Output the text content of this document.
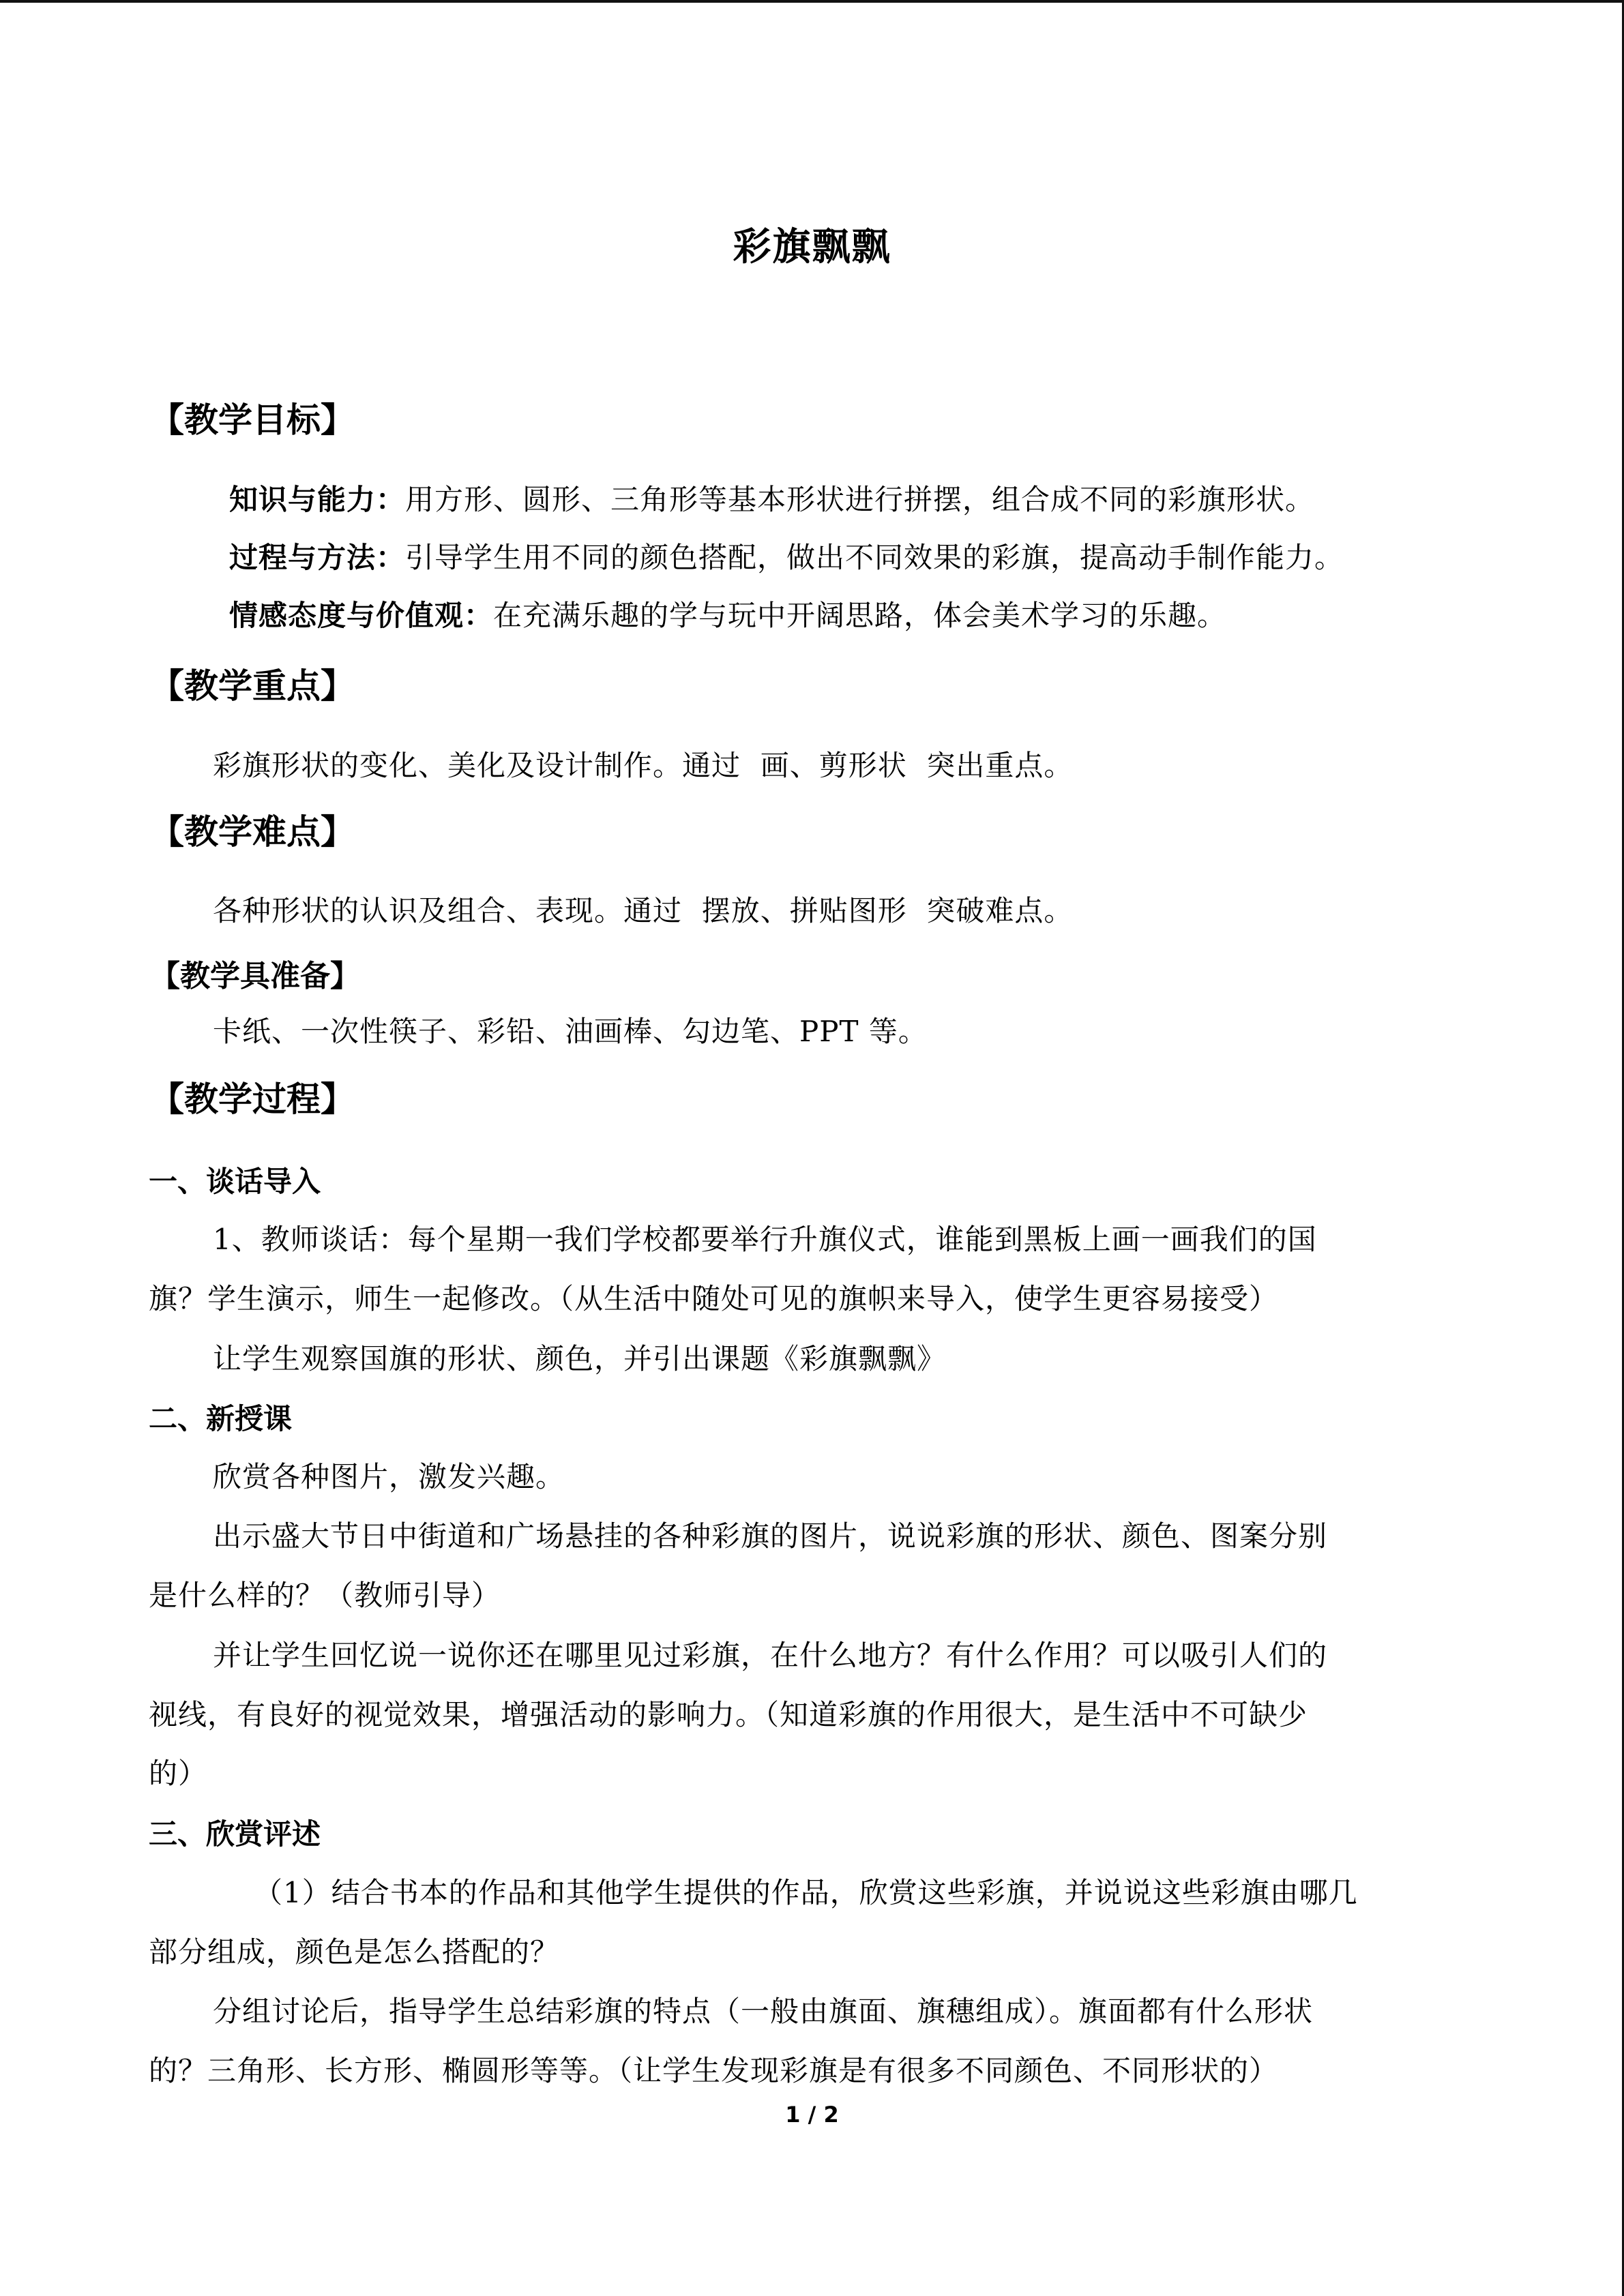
彩旗飘飘
【教学目标】
知识与能力：用方形、圆形、三角形等基本形状进行拼摆，组合成不同的彩旗形状。
过程与方法：引导学生用不同的颜色搭配，做出不同效果的彩旗，提高动手制作能力。
情感态度与价值观：在充满乐趣的学与玩中开阔思路，体会美术学习的乐趣。
【教学重点】
彩旗形状的变化、美化及设计制作。通过  画、剪形状  突出重点。
【教学难点】
各种形状的认识及组合、表现。通过  摆放、拼贴图形  突破难点。
【教学具准备】
卡纸、一次性筷子、彩铅、油画棒、勾边笔、PPT 等。
【教学过程】
一、谈话导入
1、教师谈话：每个星期一我们学校都要举行升旗仪式，谁能到黑板上画一画我们的国
旗？学生演示，师生一起修改。（从生活中随处可见的旗帜来导入，使学生更容易接受）
让学生观察国旗的形状、颜色，并引出课题《彩旗飘飘》
二、新授课
欣赏各种图片，激发兴趣。
出示盛大节日中街道和广场悬挂的各种彩旗的图片，说说彩旗的形状、颜色、图案分别
是什么样的？（教师引导）
并让学生回忆说一说你还在哪里见过彩旗，在什么地方？有什么作用？可以吸引人们的
视线，有良好的视觉效果，增强活动的影响力。（知道彩旗的作用很大，是生活中不可缺少
的）
三、欣赏评述
（1）结合书本的作品和其他学生提供的作品，欣赏这些彩旗，并说说这些彩旗由哪几
部分组成，颜色是怎么搭配的？
分组讨论后，指导学生总结彩旗的特点（一般由旗面、旗穗组成）。旗面都有什么形状
的？三角形、长方形、椭圆形等等。（让学生发现彩旗是有很多不同颜色、不同形状的）
1 / 2
